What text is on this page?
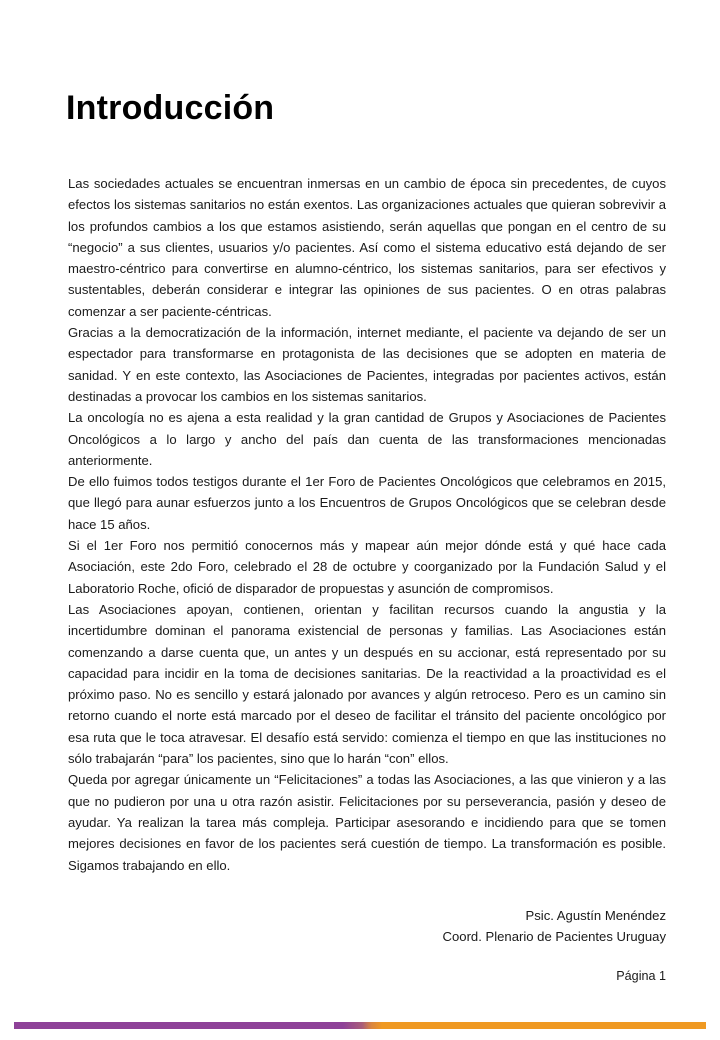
Introducción

Las sociedades actuales se encuentran inmersas en un cambio de época sin precedentes, de cuyos efectos los sistemas sanitarios no están exentos. Las organizaciones actuales que quieran sobrevivir a los profundos cambios a los que estamos asistiendo, serán aquellas que pongan en el centro de su “negocio” a sus clientes, usuarios y/o pacientes. Así como el sistema educativo está dejando de ser maestro-céntrico para convertirse en alumno-céntrico, los sistemas sanitarios, para ser efectivos y sustentables, deberán considerar e integrar las opiniones de sus pacientes. O en otras palabras comenzar a ser paciente-céntricas.

Gracias a la democratización de la información, internet mediante, el paciente va dejando de ser un espectador para transformarse en protagonista de las decisiones que se adopten en materia de sanidad. Y en este contexto, las Asociaciones de Pacientes, integradas por pacientes activos, están destinadas a provocar los cambios en los sistemas sanitarios.

La oncología no es ajena a esta realidad y la gran cantidad de Grupos y Asociaciones de Pacientes Oncológicos a lo largo y ancho del país dan cuenta de las transformaciones mencionadas anteriormente.

De ello fuimos todos testigos durante el 1er Foro de Pacientes Oncológicos que celebramos en 2015, que llegó para aunar esfuerzos junto a los Encuentros de Grupos Oncológicos que se celebran desde hace 15 años.

Si el 1er Foro nos permitió conocernos más y mapear aún mejor dónde está y qué hace cada Asociación, este 2do Foro, celebrado el 28 de octubre y coorganizado por la Fundación Salud y el Laboratorio Roche, ofició de disparador de propuestas y asunción de compromisos.

Las Asociaciones apoyan, contienen, orientan y facilitan recursos cuando la angustia y la incertidumbre dominan el panorama existencial de personas y familias. Las Asociaciones están comenzando a darse cuenta que, un antes y un después en su accionar, está representado por su capacidad para incidir en la toma de decisiones sanitarias. De la reactividad a la proactividad es el próximo paso. No es sencillo y estará jalonado por avances y algún retroceso. Pero es un camino sin retorno cuando el norte está marcado por el deseo de facilitar el tránsito del paciente oncológico por esa ruta que le toca atravesar. El desafío está servido: comienza el tiempo en que las instituciones no sólo trabajarán “para” los pacientes, sino que lo harán “con” ellos.

Queda por agregar únicamente un “Felicitaciones” a todas las Asociaciones, a las que vinieron y a las que no pudieron por una u otra razón asistir. Felicitaciones por su perseverancia, pasión y deseo de ayudar. Ya realizan la tarea más compleja. Participar asesorando e incidiendo para que se tomen mejores decisiones en favor de los pacientes será cuestión de tiempo. La transformación es posible. Sigamos trabajando en ello.

Psic. Agustín Menéndez

Coord. Plenario de Pacientes Uruguay

Página 1
